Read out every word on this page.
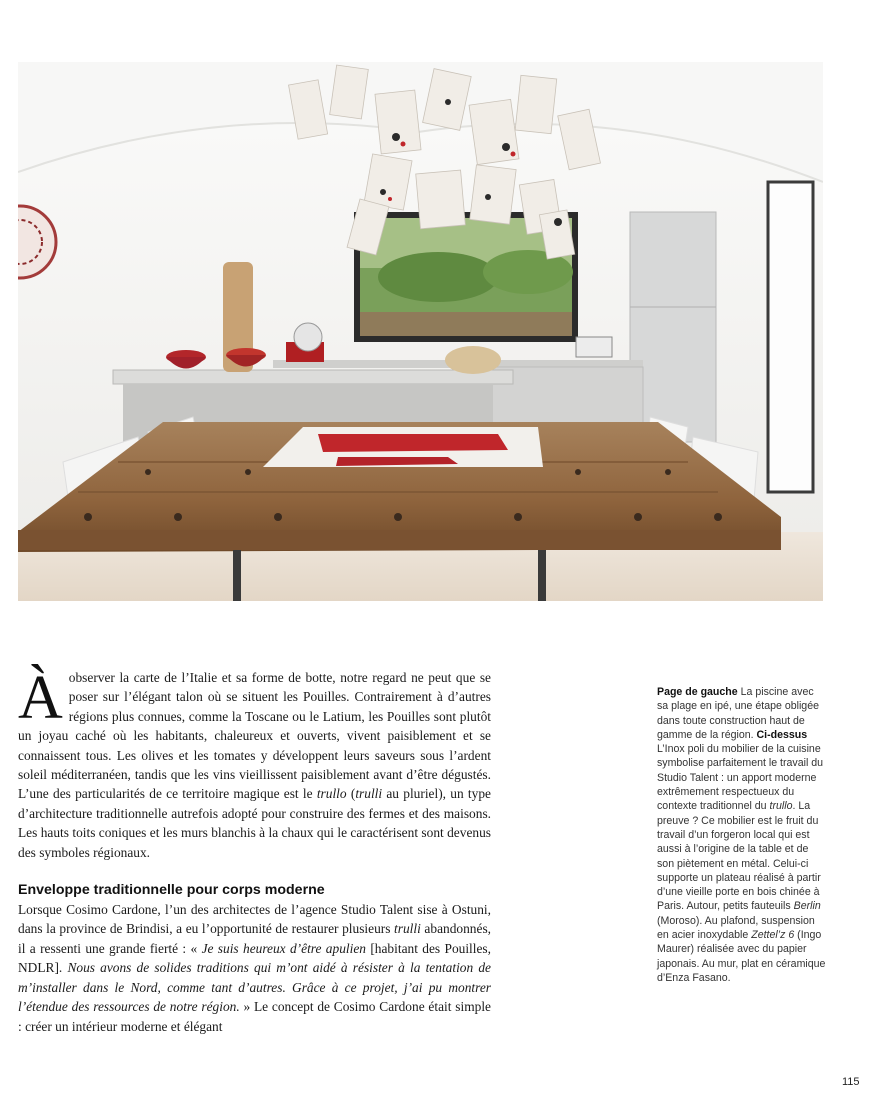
À observer la carte de l’Italie et sa forme de botte, notre regard ne peut que se poser sur l’élégant talon où se situent les Pouilles. Contrairement à d’autres régions plus connues, comme la Toscane ou le Latium, les Pouilles sont plutôt un joyau caché où les habitants, chaleureux et ouverts, vivent paisiblement et se connaissent tous. Les olives et les tomates y développent leurs saveurs sous l’ardent soleil méditerranéen, tandis que les vins vieillissent paisiblement avant d’être dégustés. L’une des particularités de ce territoire magique est le trullo (trulli au pluriel), un type d’architecture traditionnelle autrefois adopté pour construire des fermes et des maisons. Les hauts toits coniques et les murs blanchis à la chaux qui le caractérisent sont devenus des symboles régionaux.

Enveloppe traditionnelle pour corps moderne

Lorsque Cosimo Cardone, l’un des architectes de l’agence Studio Talent sise à Ostuni, dans la province de Brindisi, a eu l’opportunité de restaurer plusieurs trulli abandonnés, il a ressenti une grande fierté : « Je suis heureux d’être apulien [habitant des Pouilles, NDLR]. Nous avons de solides traditions qui m’ont aidé à résister à la tentation de m’installer dans le Nord, comme tant d’autres. Grâce à ce projet, j’ai pu montrer l’étendue des ressources de notre région. » Le concept de Cosimo Cardone était simple : créer un intérieur moderne et élégant

Page de gauche La piscine avec sa plage en ipé, une étape obligée dans toute construction haut de gamme de la région. Ci-dessus L’Inox poli du mobilier de la cuisine symbolise parfaitement le travail du Studio Talent : un apport moderne extrêmement respectueux du contexte traditionnel du trullo. La preuve ? Ce mobilier est le fruit du travail d’un forgeron local qui est aussi à l’origine de la table et de son piètement en métal. Celui-ci supporte un plateau réalisé à partir d’une vieille porte en bois chinée à Paris. Autour, petits fauteuils Berlin (Moroso). Au plafond, suspension en acier inoxydable Zettel’z 6 (Ingo Maurer) réalisée avec du papier japonais. Au mur, plat en céramique d’Enza Fasano.
115
